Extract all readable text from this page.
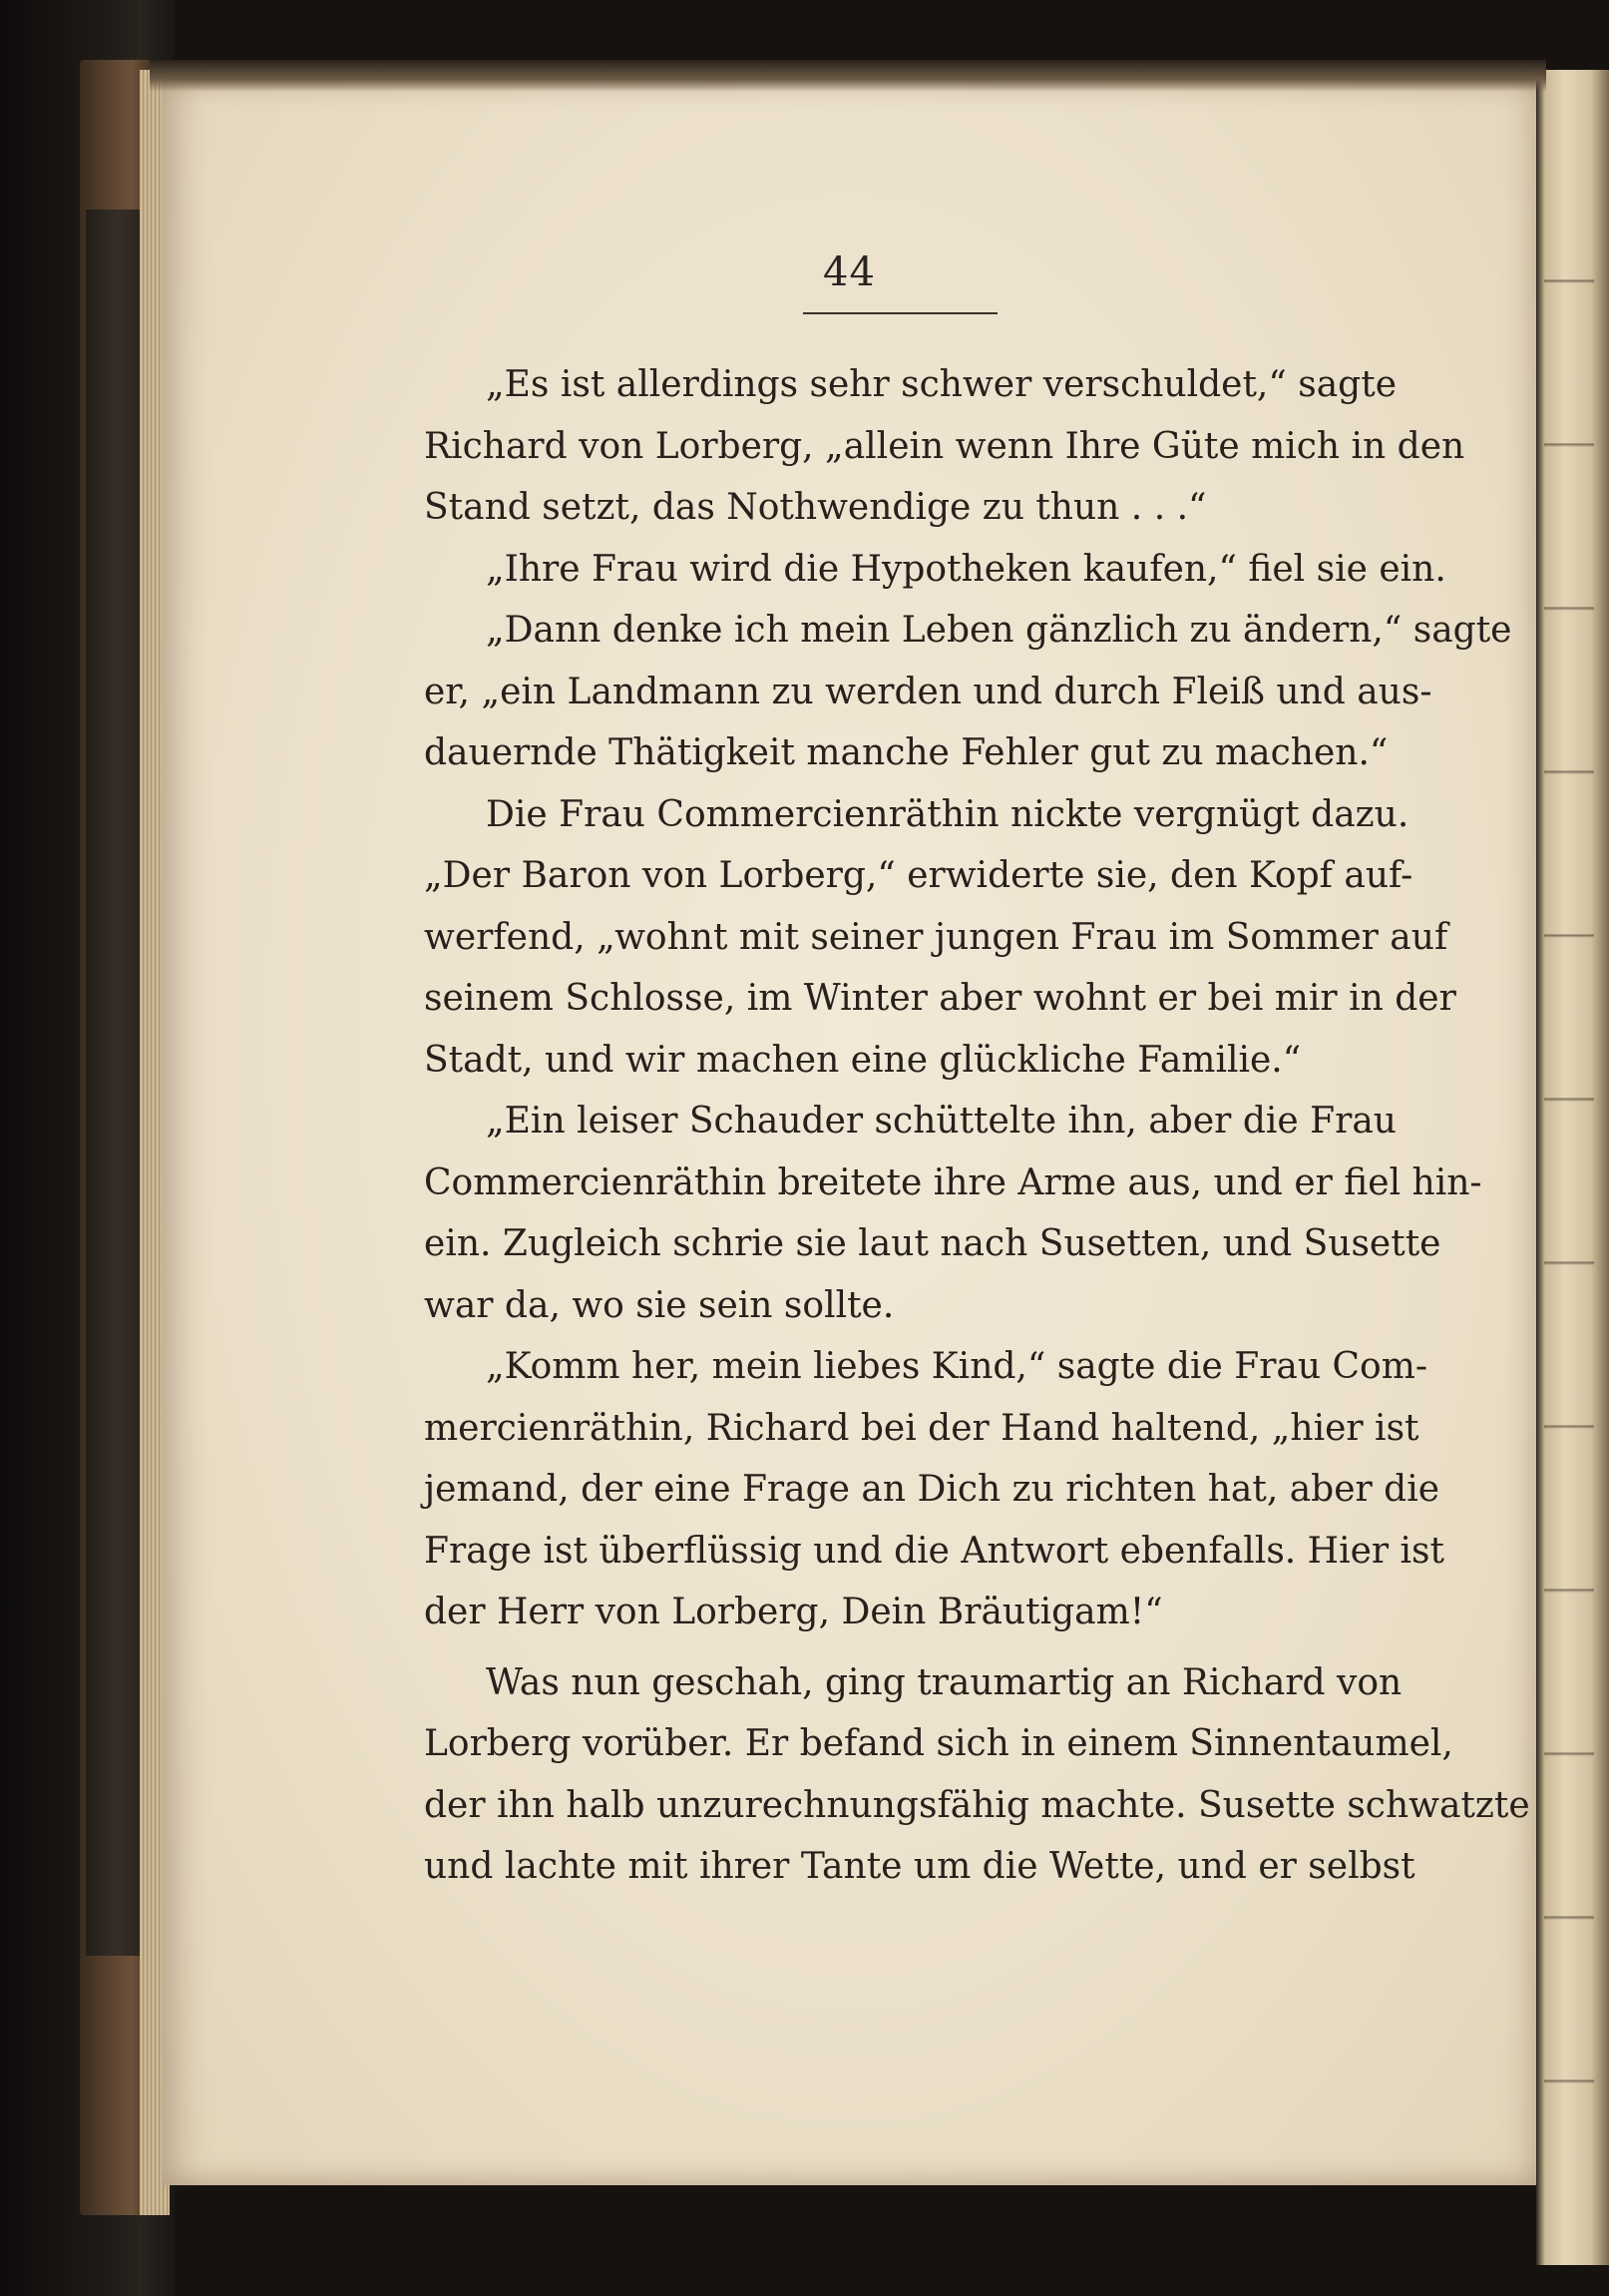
44
„Es ist allerdings sehr schwer verschuldet,“ sagte
Richard von Lorberg, „allein wenn Ihre Güte mich in den
Stand setzt, das Nothwendige zu thun . . .“
„Ihre Frau wird die Hypotheken kaufen,“ fiel sie ein.
„Dann denke ich mein Leben gänzlich zu ändern,“ sagte
er, „ein Landmann zu werden und durch Fleiß und aus-
dauernde Thätigkeit manche Fehler gut zu machen.“
Die Frau Commercienräthin nickte vergnügt dazu.
„Der Baron von Lorberg,“ erwiderte sie, den Kopf auf-
werfend, „wohnt mit seiner jungen Frau im Sommer auf
seinem Schlosse, im Winter aber wohnt er bei mir in der
Stadt, und wir machen eine glückliche Familie.“
„Ein leiser Schauder schüttelte ihn, aber die Frau
Commercienräthin breitete ihre Arme aus, und er fiel hin-
ein. Zugleich schrie sie laut nach Susetten, und Susette
war da, wo sie sein sollte.
„Komm her, mein liebes Kind,“ sagte die Frau Com-
mercienräthin, Richard bei der Hand haltend, „hier ist
jemand, der eine Frage an Dich zu richten hat, aber die
Frage ist überflüssig und die Antwort ebenfalls. Hier ist
der Herr von Lorberg, Dein Bräutigam!“
Was nun geschah, ging traumartig an Richard von
Lorberg vorüber. Er befand sich in einem Sinnentaumel,
der ihn halb unzurechnungsfähig machte. Susette schwatzte
und lachte mit ihrer Tante um die Wette, und er selbst
